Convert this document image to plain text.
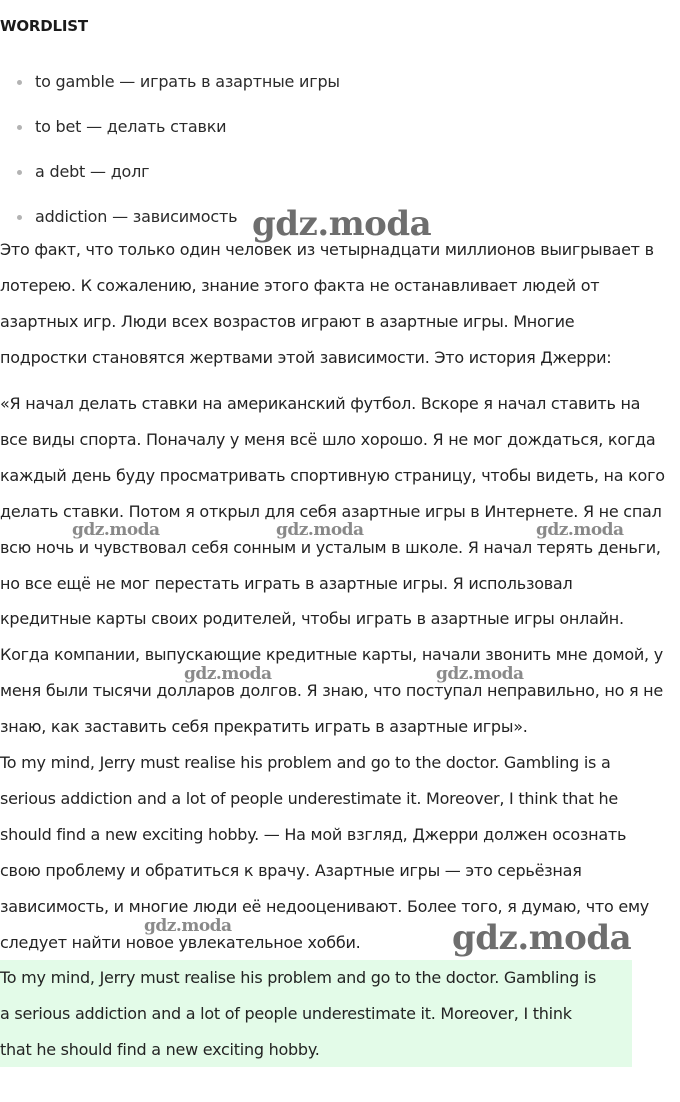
WORDLIST
to gamble — играть в азартные игры
to bet — делать ставки
a debt — долг
addiction — зависимость

Это факт, что только один человек из четырнадцати миллионов выигрывает в
лотерею. К сожалению, знание этого факта не останавливает людей от
азартных игр. Люди всех возрастов играют в азартные игры. Многие
подростки становятся жертвами этой зависимости. Это история Джерри:

«Я начал делать ставки на американский футбол. Вскоре я начал ставить на
все виды спорта. Поначалу у меня всё шло хорошо. Я не мог дождаться, когда
каждый день буду просматривать спортивную страницу, чтобы видеть, на кого
делать ставки. Потом я открыл для себя азартные игры в Интернете. Я не спал
всю ночь и чувствовал себя сонным и усталым в школе. Я начал терять деньги,
но все ещё не мог перестать играть в азартные игры. Я использовал
кредитные карты своих родителей, чтобы играть в азартные игры онлайн.
Когда компании, выпускающие кредитные карты, начали звонить мне домой, у
меня были тысячи долларов долгов. Я знаю, что поступал неправильно, но я не
знаю, как заставить себя прекратить играть в азартные игры».
To my mind, Jerry must realise his problem and go to the doctor. Gambling is a
serious addiction and a lot of people underestimate it. Moreover, I think that he
should find a new exciting hobby. — На мой взгляд, Джерри должен осознать
свою проблему и обратиться к врачу. Азартные игры — это серьёзная
зависимость, и многие люди её недооценивают. Более того, я думаю, что ему
следует найти новое увлекательное хобби.

To my mind, Jerry must realise his problem and go to the doctor. Gambling is
a serious addiction and a lot of people underestimate it. Moreover, I think
that he should find a new exciting hobby.

gdz.moda
gdz.moda	gdz.moda	gdz.moda
gdz.moda	gdz.moda
gdz.moda	gdz.moda
